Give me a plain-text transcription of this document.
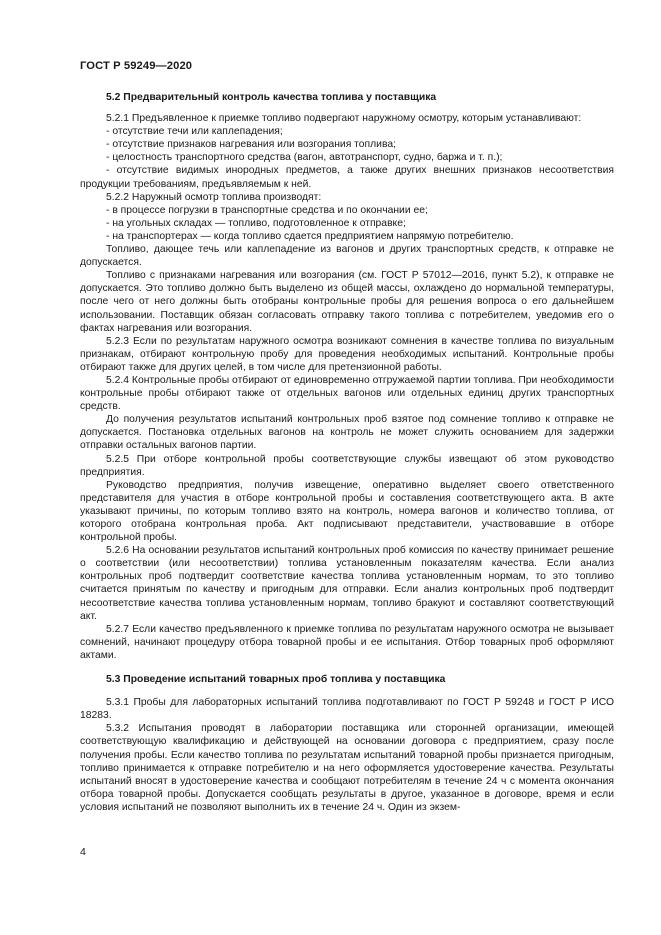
ГОСТ Р 59249—2020

5.2 Предварительный контроль качества топлива у поставщика

5.2.1 Предъявленное к приемке топливо подвергают наружному осмотру, которым устанавливают:

- отсутствие течи или каплепадения;

- отсутствие признаков нагревания или возгорания топлива;

- целостность транспортного средства (вагон, автотранспорт, судно, баржа и т. п.);

- отсутствие видимых инородных предметов, а также других внешних признаков несоответствия продукции требованиям, предъявляемым к ней.

5.2.2 Наружный осмотр топлива производят:

- в процессе погрузки в транспортные средства и по окончании ее;

- на угольных складах — топливо, подготовленное к отправке;

- на транспортерах — когда топливо сдается предприятием напрямую потребителю.

Топливо, дающее течь или каплепадение из вагонов и других транспортных средств, к отправке не допускается.

Топливо с признаками нагревания или возгорания (см. ГОСТ Р 57012—2016, пункт 5.2), к отправке не допускается. Это топливо должно быть выделено из общей массы, охлаждено до нормальной температуры, после чего от него должны быть отобраны контрольные пробы для решения вопроса о его дальнейшем использовании. Поставщик обязан согласовать отправку такого топлива с потребителем, уведомив его о фактах нагревания или возгорания.

5.2.3 Если по результатам наружного осмотра возникают сомнения в качестве топлива по визуальным признакам, отбирают контрольную пробу для проведения необходимых испытаний. Контрольные пробы отбирают также для других целей, в том числе для претензионной работы.

5.2.4 Контрольные пробы отбирают от единовременно отгружаемой партии топлива. При необходимости контрольные пробы отбирают также от отдельных вагонов или отдельных единиц других транспортных средств.

До получения результатов испытаний контрольных проб взятое под сомнение топливо к отправке не допускается. Постановка отдельных вагонов на контроль не может служить основанием для задержки отправки остальных вагонов партии.

5.2.5 При отборе контрольной пробы соответствующие службы извещают об этом руководство предприятия.

Руководство предприятия, получив извещение, оперативно выделяет своего ответственного представителя для участия в отборе контрольной пробы и составления соответствующего акта. В акте указывают причины, по которым топливо взято на контроль, номера вагонов и количество топлива, от которого отобрана контрольная проба. Акт подписывают представители, участвовавшие в отборе контрольной пробы.

5.2.6 На основании результатов испытаний контрольных проб комиссия по качеству принимает решение о соответствии (или несоответствии) топлива установленным показателям качества. Если анализ контрольных проб подтвердит соответствие качества топлива установленным нормам, то это топливо считается принятым по качеству и пригодным для отправки. Если анализ контрольных проб подтвердит несоответствие качества топлива установленным нормам, топливо бракуют и составляют соответствующий акт.

5.2.7 Если качество предъявленного к приемке топлива по результатам наружного осмотра не вызывает сомнений, начинают процедуру отбора товарной пробы и ее испытания. Отбор товарных проб оформляют актами.

5.3 Проведение испытаний товарных проб топлива у поставщика

5.3.1 Пробы для лабораторных испытаний топлива подготавливают по ГОСТ Р 59248 и ГОСТ Р ИСО 18283.

5.3.2 Испытания проводят в лаборатории поставщика или сторонней организации, имеющей соответствующую квалификацию и действующей на основании договора с предприятием, сразу после получения пробы. Если качество топлива по результатам испытаний товарной пробы признается пригодным, топливо принимается к отправке потребителю и на него оформляется удостоверение качества. Результаты испытаний вносят в удостоверение качества и сообщают потребителям в течение 24 ч с момента окончания отбора товарной пробы. Допускается сообщать результаты в другое, указанное в договоре, время и если условия испытаний не позволяют выполнить их в течение 24 ч. Один из экзем-

4
